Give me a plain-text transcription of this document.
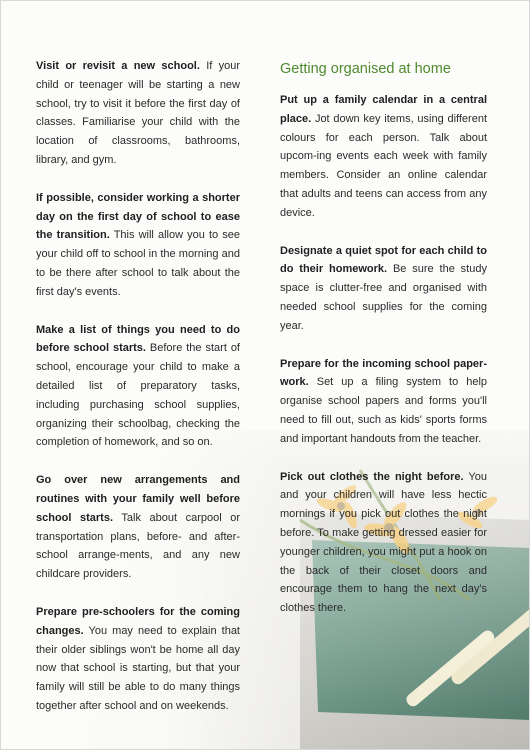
Visit or revisit a new school. If your child or teenager will be starting a new school, try to visit it before the first day of classes. Familiarise your child with the location of classrooms, bathrooms, library, and gym.

If possible, consider working a shorter day on the first day of school to ease the transition. This will allow you to see your child off to school in the morning and to be there after school to talk about the first day's events.

Make a list of things you need to do before school starts. Before the start of school, encourage your child to make a detailed list of preparatory tasks, including purchasing school supplies, organizing their schoolbag, checking the completion of homework, and so on.

Go over new arrangements and routines with your family well before school starts. Talk about carpool or transportation plans, before- and after-school arrange-ments, and any new childcare providers.

Prepare pre-schoolers for the coming changes. You may need to explain that their older siblings won't be home all day now that school is starting, but that your family will still be able to do many things together after school and on weekends.

Getting organised at home

Put up a family calendar in a central place. Jot down key items, using different colours for each person. Talk about upcom-ing events each week with family members. Consider an online calendar that adults and teens can access from any device.

Designate a quiet spot for each child to do their homework. Be sure the study space is clutter-free and organised with needed school supplies for the coming year.

Prepare for the incoming school paper-work. Set up a filing system to help organise school papers and forms you'll need to fill out, such as kids' sports forms and important handouts from the teacher.

Pick out clothes the night before. You and your children will have less hectic mornings if you pick out clothes the night before. To make getting dressed easier for younger children, you might put a hook on the back of their closet doors and encourage them to hang the next day's clothes there.
